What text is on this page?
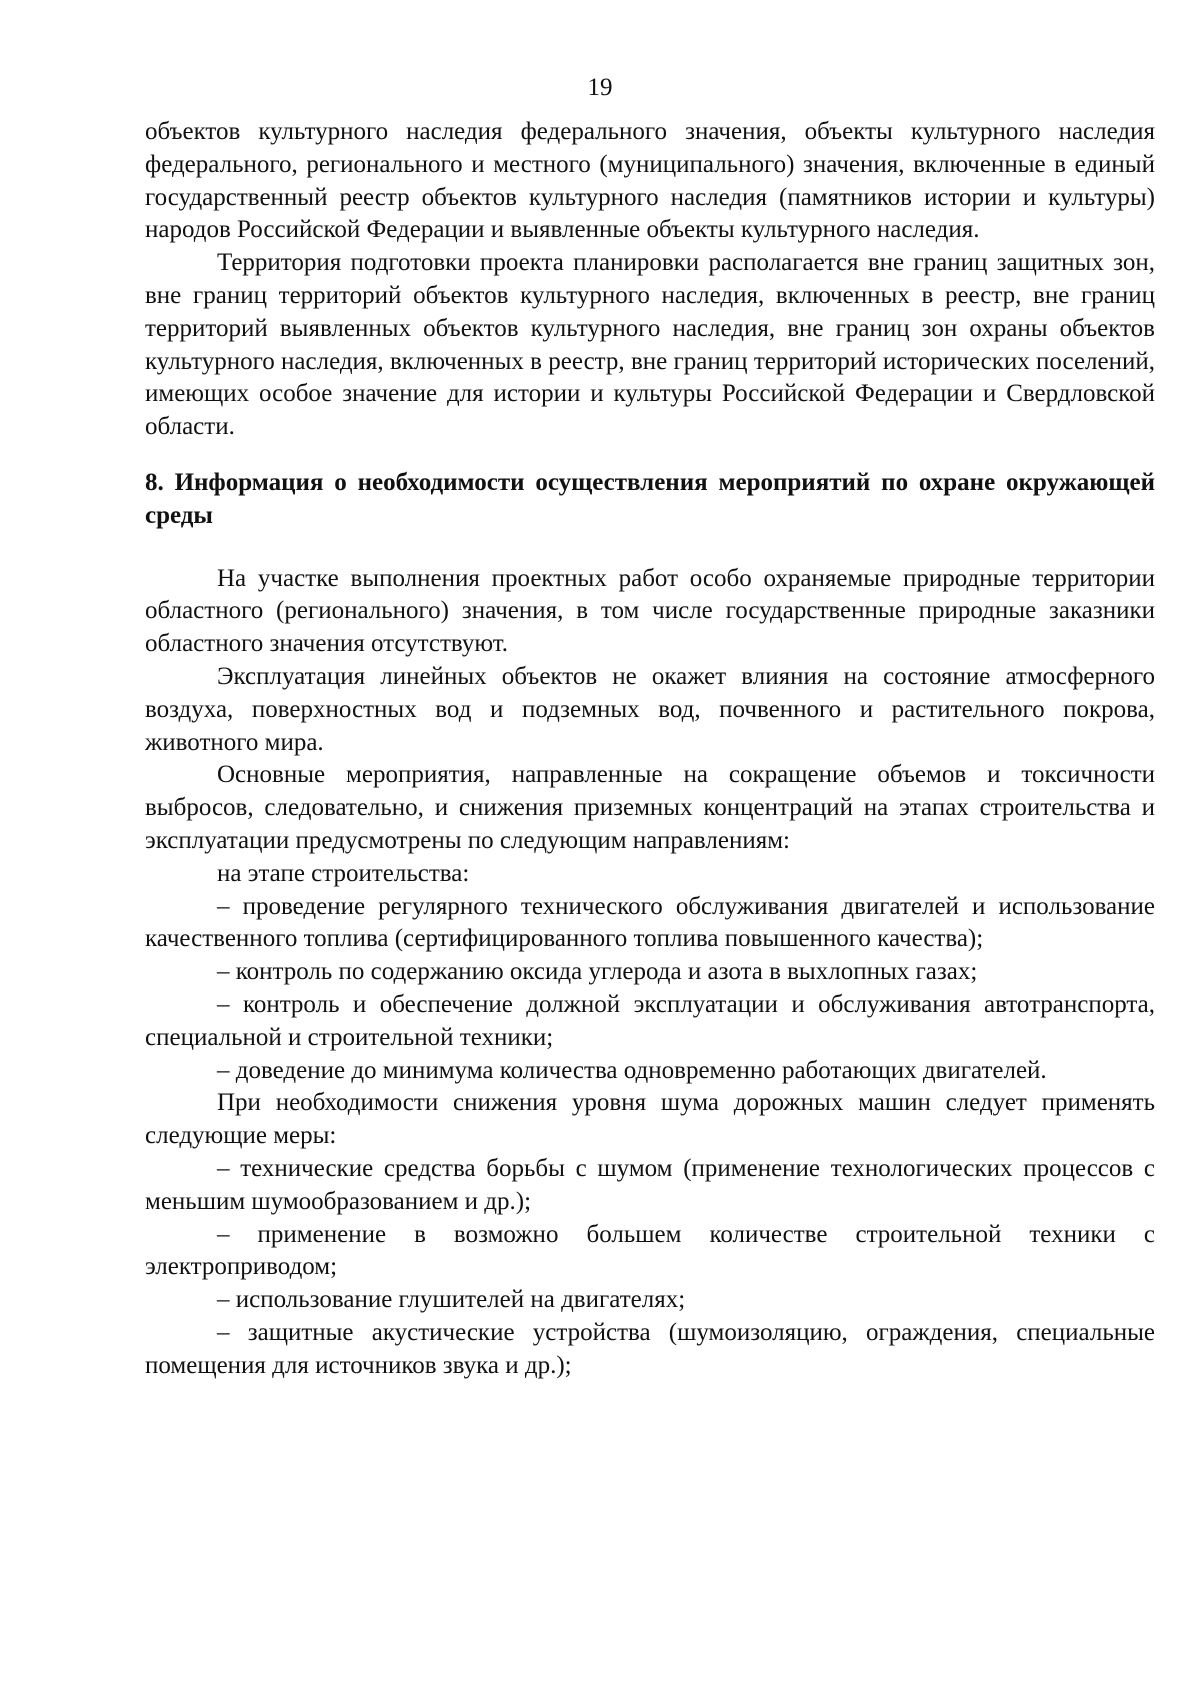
19

объектов культурного наследия федерального значения, объекты культурного наследия федерального, регионального и местного (муниципального) значения, включенные в единый государственный реестр объектов культурного наследия (памятников истории и культуры) народов Российской Федерации и выявленные объекты культурного наследия.

Территория подготовки проекта планировки располагается вне границ защитных зон, вне границ территорий объектов культурного наследия, включенных в реестр, вне границ территорий выявленных объектов культурного наследия, вне границ зон охраны объектов культурного наследия, включенных в реестр, вне границ территорий исторических поселений, имеющих особое значение для истории и культуры Российской Федерации и Свердловской области.

8. Информация о необходимости осуществления мероприятий по охране окружающей среды

На участке выполнения проектных работ особо охраняемые природные территории областного (регионального) значения, в том числе государственные природные заказники областного значения отсутствуют.

Эксплуатация линейных объектов не окажет влияния на состояние атмосферного воздуха, поверхностных вод и подземных вод, почвенного и растительного покрова, животного мира.

Основные мероприятия, направленные на сокращение объемов и токсичности выбросов, следовательно, и снижения приземных концентраций на этапах строительства и эксплуатации предусмотрены по следующим направлениям:

на этапе строительства:

– проведение регулярного технического обслуживания двигателей и использование качественного топлива (сертифицированного топлива повышенного качества);

– контроль по содержанию оксида углерода и азота в выхлопных газах;

– контроль и обеспечение должной эксплуатации и обслуживания автотранспорта, специальной и строительной техники;

– доведение до минимума количества одновременно работающих двигателей.

При необходимости снижения уровня шума дорожных машин следует применять следующие меры:

– технические средства борьбы с шумом (применение технологических процессов с меньшим шумообразованием и др.);

– применение в возможно большем количестве строительной техники с электроприводом;

– использование глушителей на двигателях;

– защитные акустические устройства (шумоизоляцию, ограждения, специальные помещения для источников звука и др.);
